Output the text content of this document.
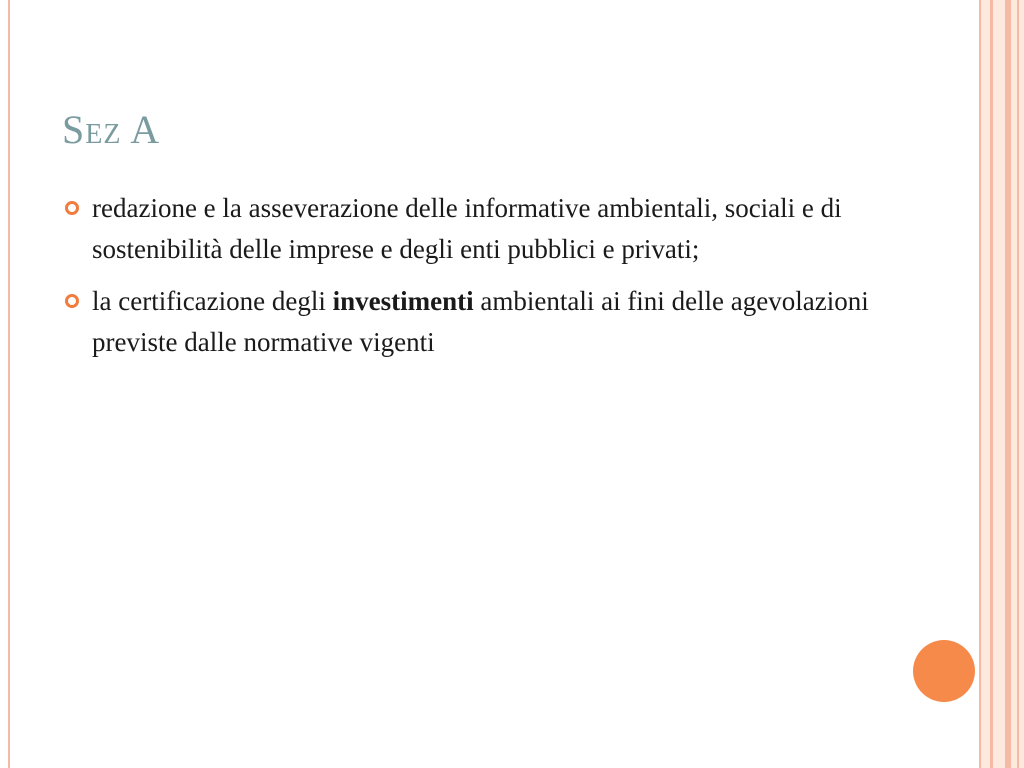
Sez A
redazione e la asseverazione delle informative ambientali, sociali e di sostenibilità delle imprese e degli enti pubblici e privati;
la certificazione degli investimenti ambientali ai fini delle agevolazioni previste dalle normative vigenti
